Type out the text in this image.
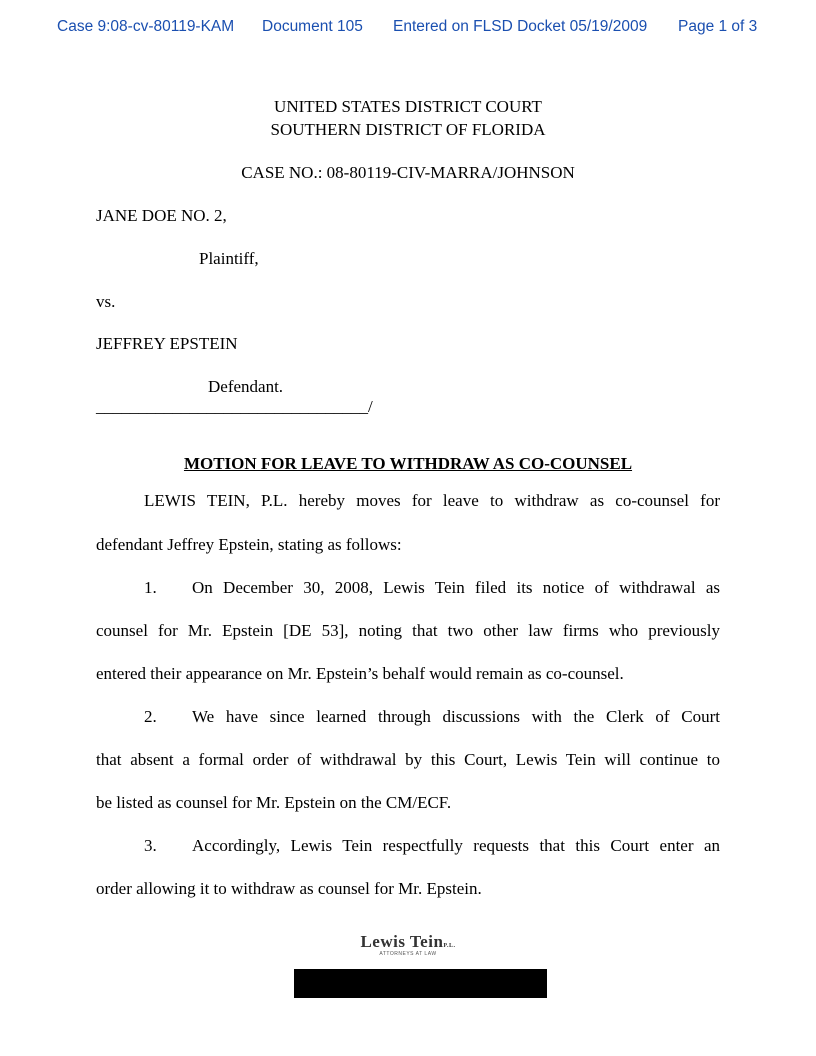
Case 9:08-cv-80119-KAM Document 105 Entered on FLSD Docket 05/19/2009 Page 1 of 3
UNITED STATES DISTRICT COURT
SOUTHERN DISTRICT OF FLORIDA
CASE NO.: 08-80119-CIV-MARRA/JOHNSON
JANE DOE NO. 2,
Plaintiff,
vs.
JEFFREY EPSTEIN
Defendant.
________________________________/
MOTION FOR LEAVE TO WITHDRAW AS CO-COUNSEL
LEWIS TEIN, P.L. hereby moves for leave to withdraw as co-counsel for
defendant Jeffrey Epstein, stating as follows:
1. On December 30, 2008, Lewis Tein filed its notice of withdrawal as
counsel for Mr. Epstein [DE 53], noting that two other law firms who previously
entered their appearance on Mr. Epstein’s behalf would remain as co-counsel.
2. We have since learned through discussions with the Clerk of Court
that absent a formal order of withdrawal by this Court, Lewis Tein will continue to
be listed as counsel for Mr. Epstein on the CM/ECF.
3. Accordingly, Lewis Tein respectfully requests that this Court enter an
order allowing it to withdraw as counsel for Mr. Epstein.
Lewis TeinP.L.
ATTORNEYS AT LAW
